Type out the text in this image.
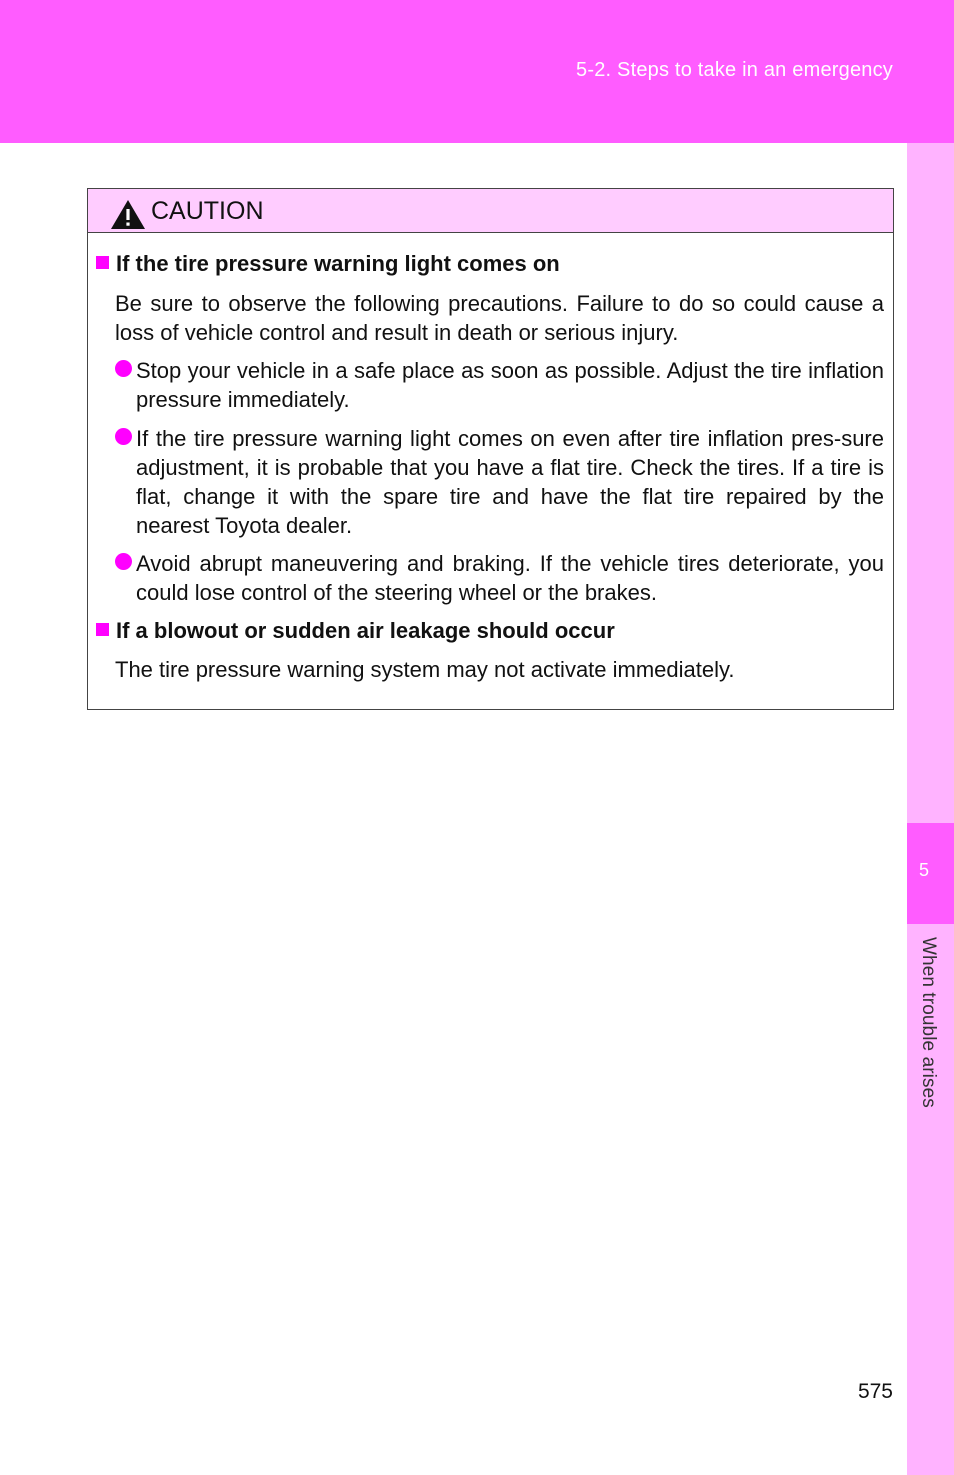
5-2. Steps to take in an emergency
5
When trouble arises
CAUTION
If the tire pressure warning light comes on
Be sure to observe the following precautions. Failure to do so could cause a loss of vehicle control and result in death or serious injury.
Stop your vehicle in a safe place as soon as possible. Adjust the tire inflation pressure immediately.
If the tire pressure warning light comes on even after tire inflation pres-sure adjustment, it is probable that you have a flat tire. Check the tires. If a tire is flat, change it with the spare tire and have the flat tire repaired by the nearest Toyota dealer.
Avoid abrupt maneuvering and braking. If the vehicle tires deteriorate, you could lose control of the steering wheel or the brakes.
If a blowout or sudden air leakage should occur
The tire pressure warning system may not activate immediately.
575
